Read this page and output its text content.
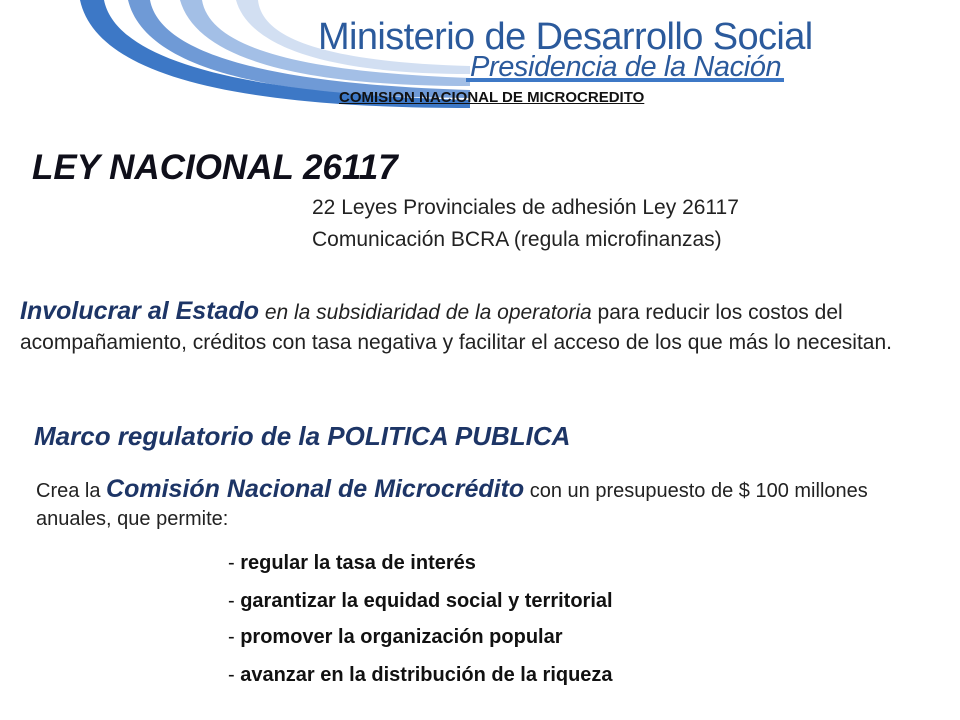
Ministerio de Desarrollo Social
Presidencia de la Nación
COMISION NACIONAL DE MICROCREDITO
LEY NACIONAL 26117
22 Leyes Provinciales de adhesión Ley 26117
Comunicación BCRA (regula microfinanzas)
Involucrar al Estado en la subsidiaridad de la operatoria para reducir los costos del acompañamiento, créditos con tasa negativa y facilitar el acceso de los que más lo necesitan.
Marco regulatorio de la POLITICA PUBLICA
Crea la Comisión Nacional de Microcrédito con un presupuesto de $ 100 millones anuales, que permite:
- regular la tasa de interés
- garantizar la equidad social y territorial
- promover la organización popular
- avanzar en la distribución de la riqueza
